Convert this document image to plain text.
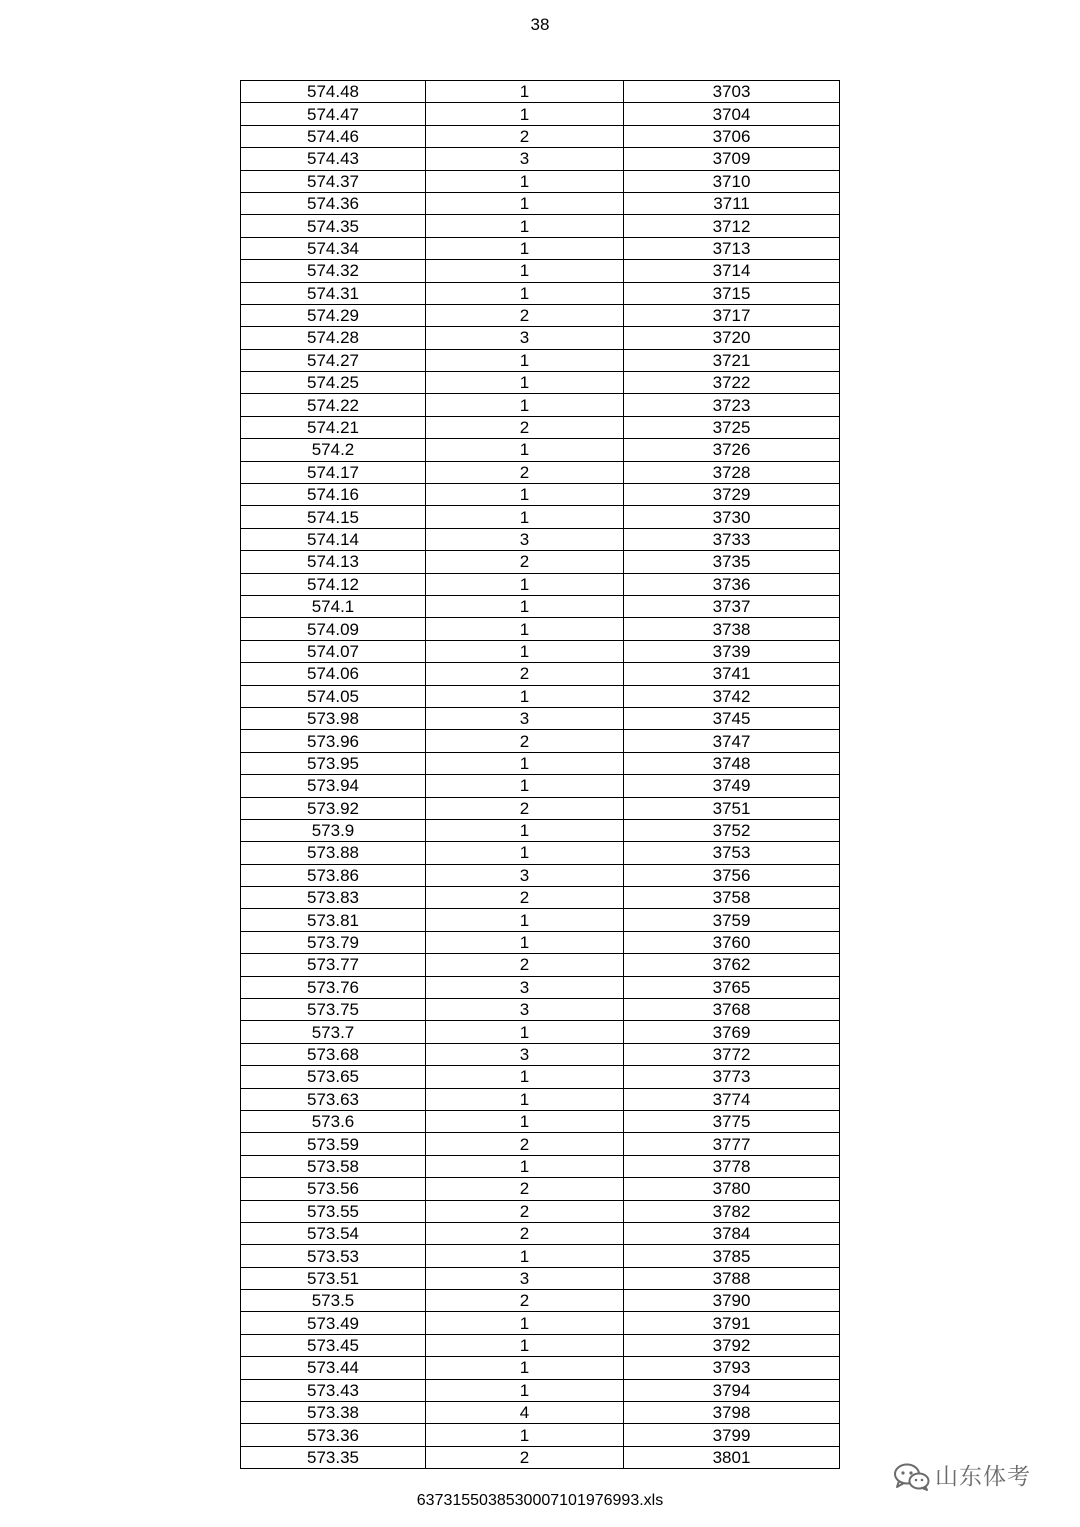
38
574.48	1	3703
574.47	1	3704
574.46	2	3706
574.43	3	3709
574.37	1	3710
574.36	1	3711
574.35	1	3712
574.34	1	3713
574.32	1	3714
574.31	1	3715
574.29	2	3717
574.28	3	3720
574.27	1	3721
574.25	1	3722
574.22	1	3723
574.21	2	3725
574.2	1	3726
574.17	2	3728
574.16	1	3729
574.15	1	3730
574.14	3	3733
574.13	2	3735
574.12	1	3736
574.1	1	3737
574.09	1	3738
574.07	1	3739
574.06	2	3741
574.05	1	3742
573.98	3	3745
573.96	2	3747
573.95	1	3748
573.94	1	3749
573.92	2	3751
573.9	1	3752
573.88	1	3753
573.86	3	3756
573.83	2	3758
573.81	1	3759
573.79	1	3760
573.77	2	3762
573.76	3	3765
573.75	3	3768
573.7	1	3769
573.68	3	3772
573.65	1	3773
573.63	1	3774
573.6	1	3775
573.59	2	3777
573.58	1	3778
573.56	2	3780
573.55	2	3782
573.54	2	3784
573.53	1	3785
573.51	3	3788
573.5	2	3790
573.49	1	3791
573.45	1	3792
573.44	1	3793
573.43	1	3794
573.38	4	3798
573.36	1	3799
573.35	2	3801
637315503853000710197​6993.xls
山东体考
